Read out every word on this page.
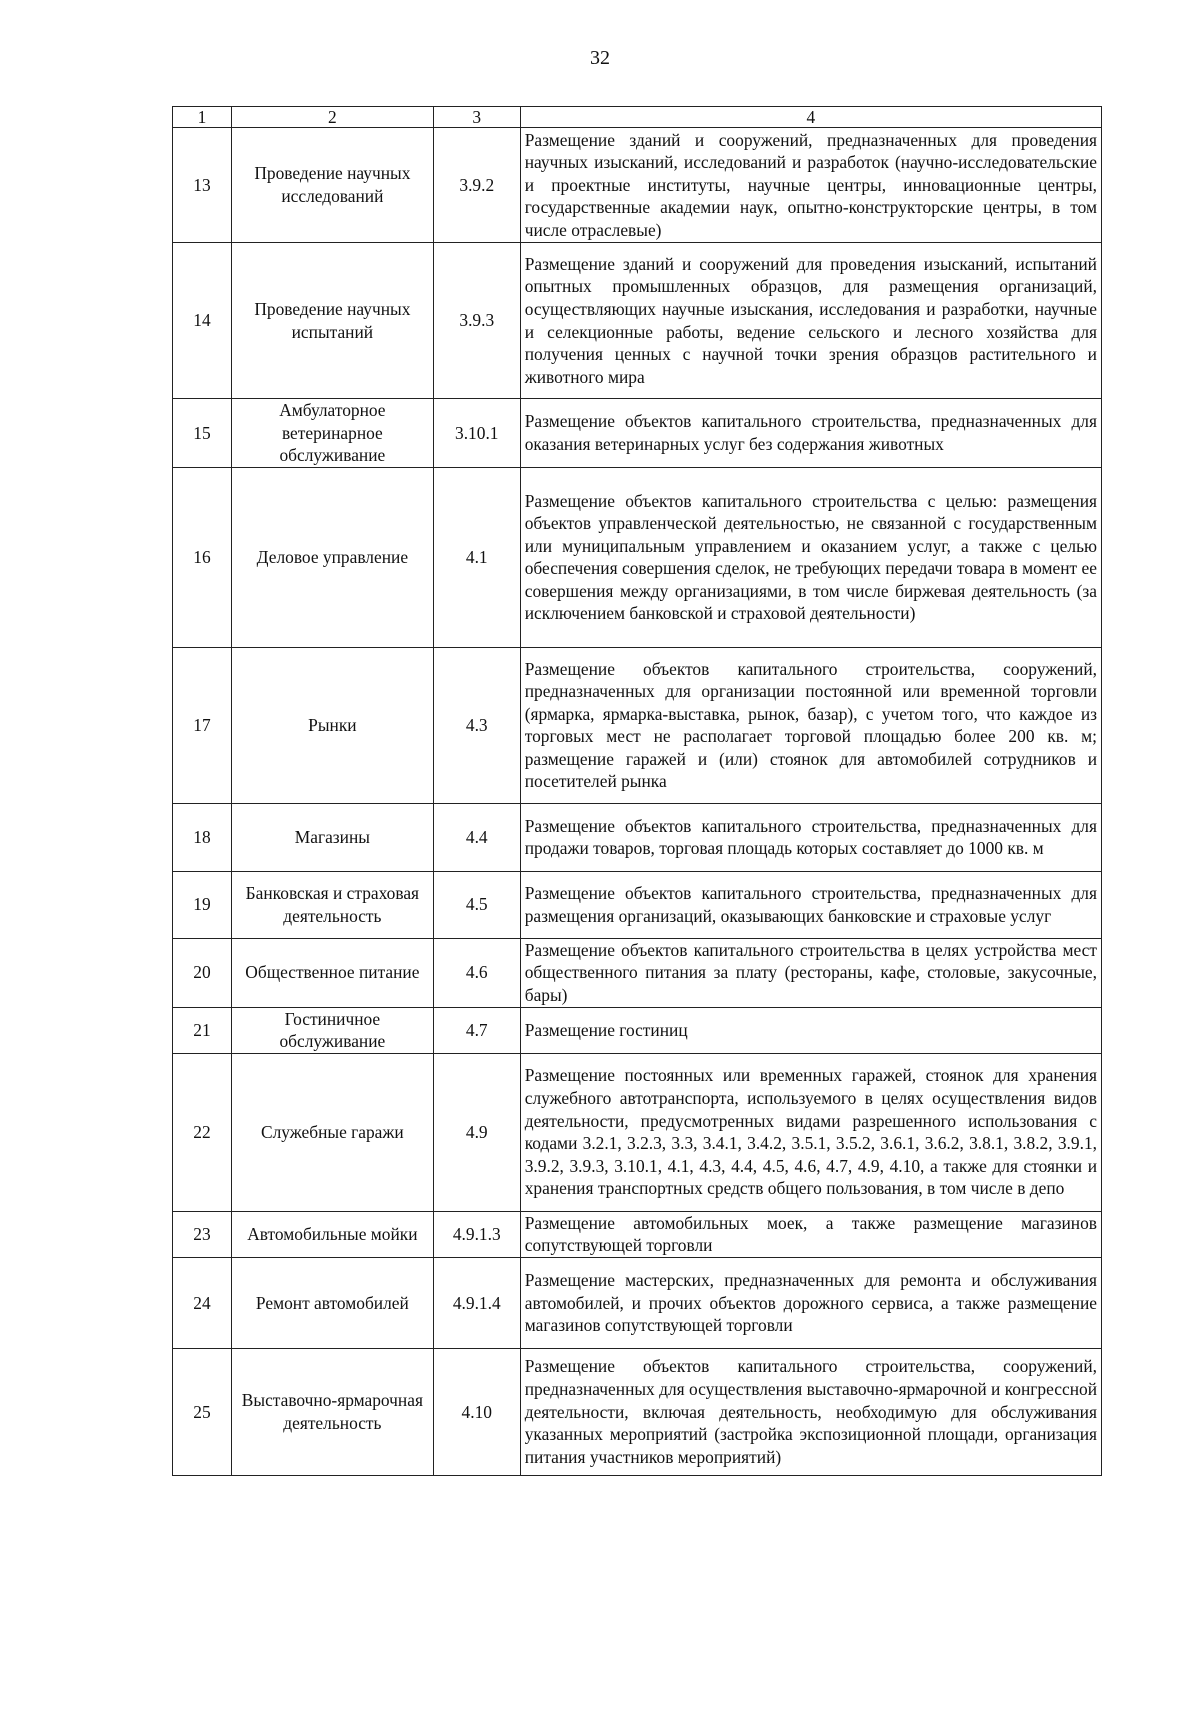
32
1	2	3	4
13	Проведение научных исследований	3.9.2	Размещение зданий и сооружений, предназначенных для проведения научных изысканий, исследований и разработок (научно-исследовательские и проектные институты, научные центры, инновационные центры, государственные академии наук, опытно-конструкторские центры, в том числе отраслевые)
14	Проведение научных испытаний	3.9.3	Размещение зданий и сооружений для проведения изысканий, испытаний опытных промышленных образцов, для размещения организаций, осуществляющих научные изыскания, исследования и разработки, научные и селекционные работы, ведение сельского и лесного хозяйства для получения ценных с научной точки зрения образцов растительного и животного мира
15	Амбулаторное ветеринарное обслуживание	3.10.1	Размещение объектов капитального строительства, предназначенных для оказания ветеринарных услуг без содержания животных
16	Деловое управление	4.1	Размещение объектов капитального строительства с целью: размещения объектов управленческой деятельностью, не связанной с государственным или муниципальным управлением и оказанием услуг, а также с целью обеспечения совершения сделок, не требующих передачи товара в момент ее совершения между организациями, в том числе биржевая деятельность (за исключением банковской и страховой деятельности)
17	Рынки	4.3	Размещение объектов капитального строительства, сооружений, предназначенных для организации постоянной или временной торговли (ярмарка, ярмарка-выставка, рынок, базар), с учетом того, что каждое из торговых мест не располагает торговой площадью более 200 кв. м; размещение гаражей и (или) стоянок для автомобилей сотрудников и посетителей рынка
18	Магазины	4.4	Размещение объектов капитального строительства, предназначенных для продажи товаров, торговая площадь которых составляет до 1000 кв. м
19	Банковская и страховая деятельность	4.5	Размещение объектов капитального строительства, предназначенных для размещения организаций, оказывающих банковские и страховые услуг
20	Общественное питание	4.6	Размещение объектов капитального строительства в целях устройства мест общественного питания за плату (рестораны, кафе, столовые, закусочные, бары)
21	Гостиничное обслуживание	4.7	Размещение гостиниц
22	Служебные гаражи	4.9	Размещение постоянных или временных гаражей, стоянок для хранения служебного автотранспорта, используемого в целях осуществления видов деятельности, предусмотренных видами разрешенного использования с кодами 3.2.1, 3.2.3, 3.3, 3.4.1, 3.4.2, 3.5.1, 3.5.2, 3.6.1, 3.6.2, 3.8.1, 3.8.2, 3.9.1, 3.9.2, 3.9.3, 3.10.1, 4.1, 4.3, 4.4, 4.5, 4.6, 4.7, 4.9, 4.10, а также для стоянки и хранения транспортных средств общего пользования, в том числе в депо
23	Автомобильные мойки	4.9.1.3	Размещение автомобильных моек, а также размещение магазинов сопутствующей торговли
24	Ремонт автомобилей	4.9.1.4	Размещение мастерских, предназначенных для ремонта и обслуживания автомобилей, и прочих объектов дорожного сервиса, а также размещение магазинов сопутствующей торговли
25	Выставочно-ярмарочная деятельность	4.10	Размещение объектов капитального строительства, сооружений, предназначенных для осуществления выставочно-ярмарочной и конгрессной деятельности, включая деятельность, необходимую для обслуживания указанных мероприятий (застройка экспозиционной площади, организация питания участников мероприятий)
